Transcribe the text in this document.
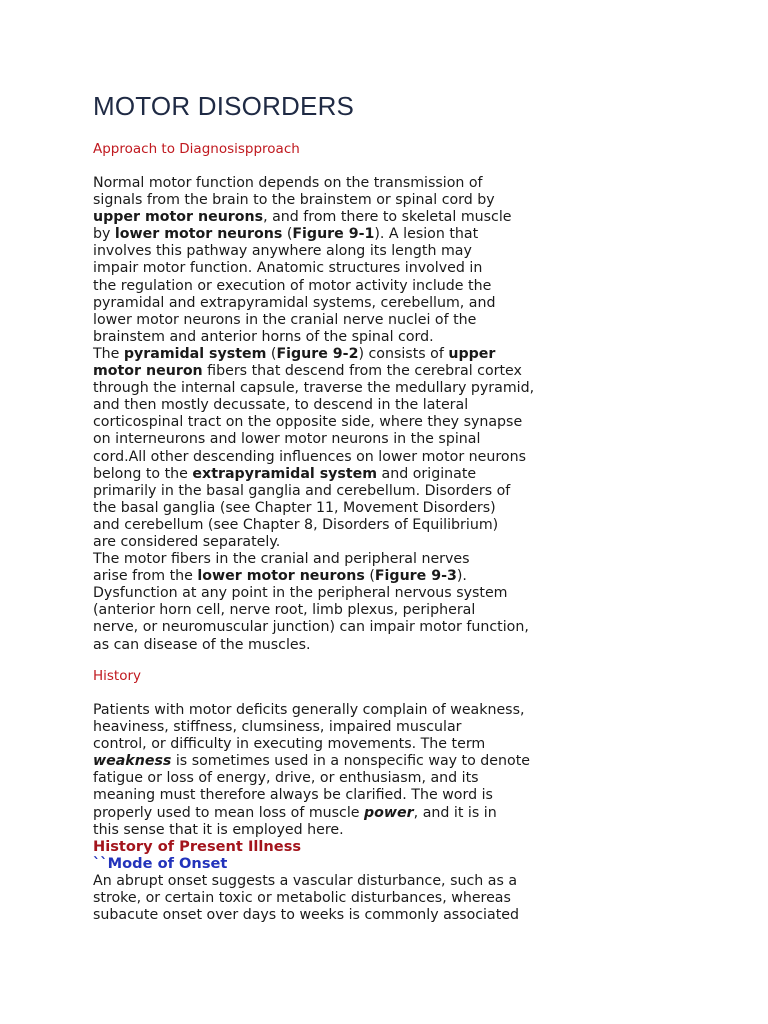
MOTOR DISORDERS
Approach to Diagnosispproach
Normal motor function depends on the transmission of
signals from the brain to the brainstem or spinal cord by
upper motor neurons, and from there to skeletal muscle
by lower motor neurons (Figure 9-1). A lesion that
involves this pathway anywhere along its length may
impair motor function. Anatomic structures involved in
the regulation or execution of motor activity include the
pyramidal and extrapyramidal systems, cerebellum, and
lower motor neurons in the cranial nerve nuclei of the
brainstem and anterior horns of the spinal cord.
The pyramidal system (Figure 9-2) consists of upper
motor neuron fibers that descend from the cerebral cortex
through the internal capsule, traverse the medullary pyramid,
and then mostly decussate, to descend in the lateral
corticospinal tract on the opposite side, where they synapse
on interneurons and lower motor neurons in the spinal
cord.All other descending influences on lower motor neurons
belong to the extrapyramidal system and originate
primarily in the basal ganglia and cerebellum. Disorders of
the basal ganglia (see Chapter 11, Movement Disorders)
and cerebellum (see Chapter 8, Disorders of Equilibrium)
are considered separately.
The motor fibers in the cranial and peripheral nerves
arise from the lower motor neurons (Figure 9-3).
Dysfunction at any point in the peripheral nervous system
(anterior horn cell, nerve root, limb plexus, peripheral
nerve, or neuromuscular junction) can impair motor function,
as can disease of the muscles.
History
Patients with motor deficits generally complain of weakness,
heaviness, stiffness, clumsiness, impaired muscular
control, or difficulty in executing movements. The term
weakness is sometimes used in a nonspecific way to denote
fatigue or loss of energy, drive, or enthusiasm, and its
meaning must therefore always be clarified. The word is
properly used to mean loss of muscle power, and it is in
this sense that it is employed here.
History of Present Illness
``Mode of Onset
An abrupt onset suggests a vascular disturbance, such as a
stroke, or certain toxic or metabolic disturbances, whereas
subacute onset over days to weeks is commonly associated
